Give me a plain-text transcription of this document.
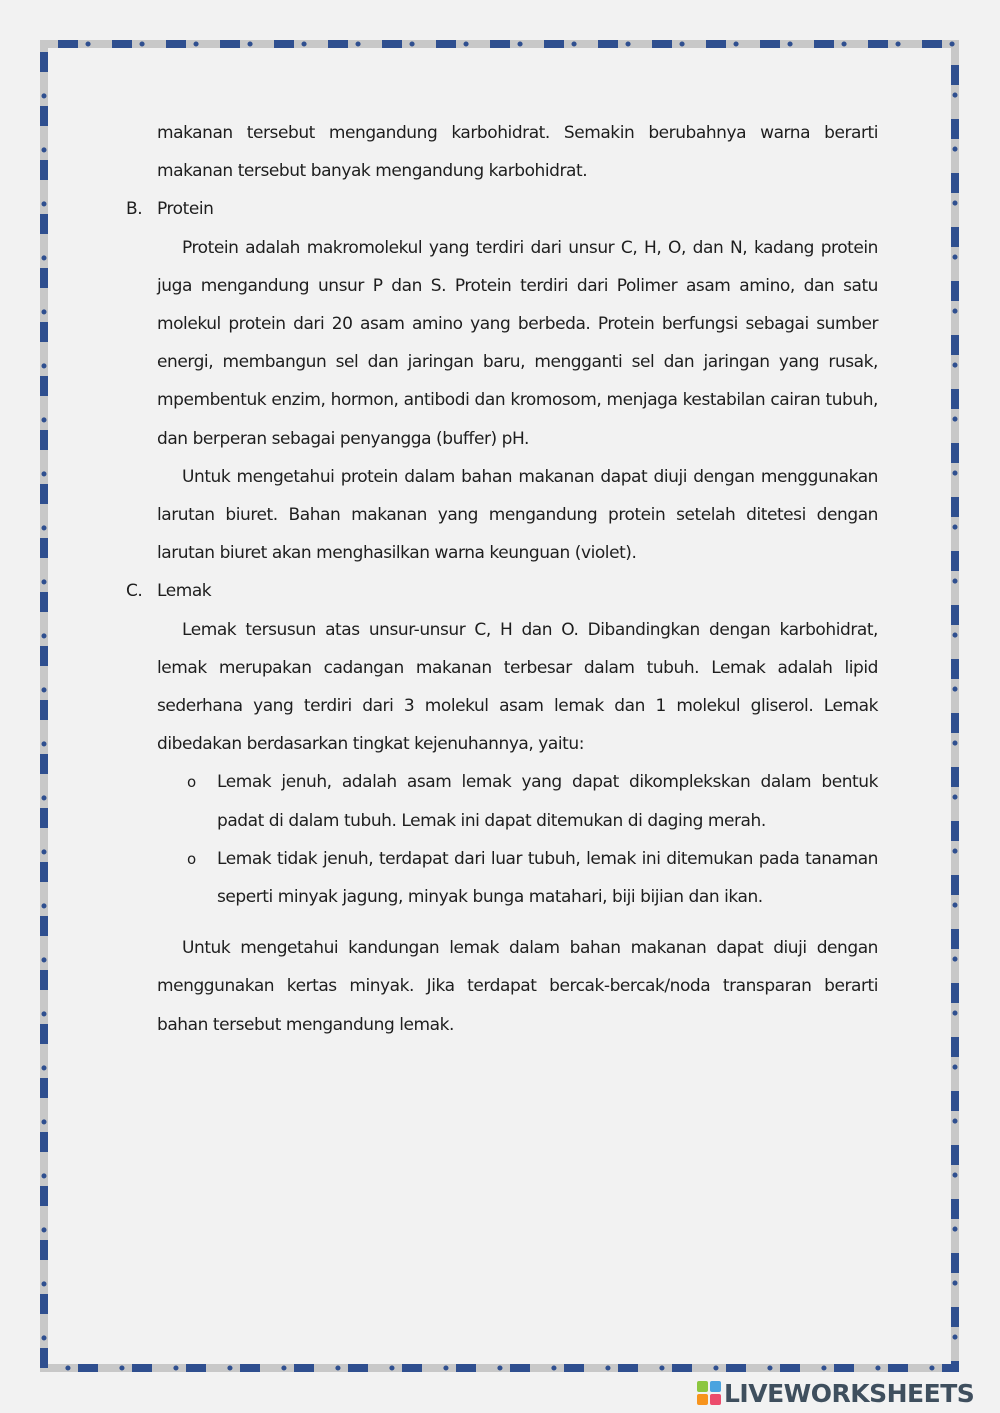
makanan tersebut mengandung karbohidrat. Semakin berubahnya warna berarti makanan tersebut banyak mengandung karbohidrat.

B. Protein

Protein adalah makromolekul yang terdiri dari unsur C, H, O, dan N, kadang protein juga mengandung unsur P dan S. Protein terdiri dari Polimer asam amino, dan satu molekul protein dari 20 asam amino yang berbeda. Protein berfungsi sebagai sumber energi, membangun sel dan jaringan baru, mengganti sel dan jaringan yang rusak, mpembentuk enzim, hormon, antibodi dan kromosom, menjaga kestabilan cairan tubuh, dan berperan sebagai penyangga (buffer) pH.

Untuk mengetahui protein dalam bahan makanan dapat diuji dengan menggunakan larutan biuret. Bahan makanan yang mengandung protein setelah ditetesi dengan larutan biuret akan menghasilkan warna keunguan (violet).

C. Lemak

Lemak tersusun atas unsur-unsur C, H dan O. Dibandingkan dengan karbohidrat, lemak merupakan cadangan makanan terbesar dalam tubuh. Lemak adalah lipid sederhana yang terdiri dari 3 molekul asam lemak dan 1 molekul gliserol. Lemak dibedakan berdasarkan tingkat kejenuhannya, yaitu:

o Lemak jenuh, adalah asam lemak yang dapat dikomplekskan dalam bentuk padat di dalam tubuh. Lemak ini dapat ditemukan di daging merah.
o Lemak tidak jenuh, terdapat dari luar tubuh, lemak ini ditemukan pada tanaman seperti minyak jagung, minyak bunga matahari, biji bijian dan ikan.

Untuk mengetahui kandungan lemak dalam bahan makanan dapat diuji dengan menggunakan kertas minyak. Jika terdapat bercak-bercak/noda transparan berarti bahan tersebut mengandung lemak.

LIVEWORKSHEETS
